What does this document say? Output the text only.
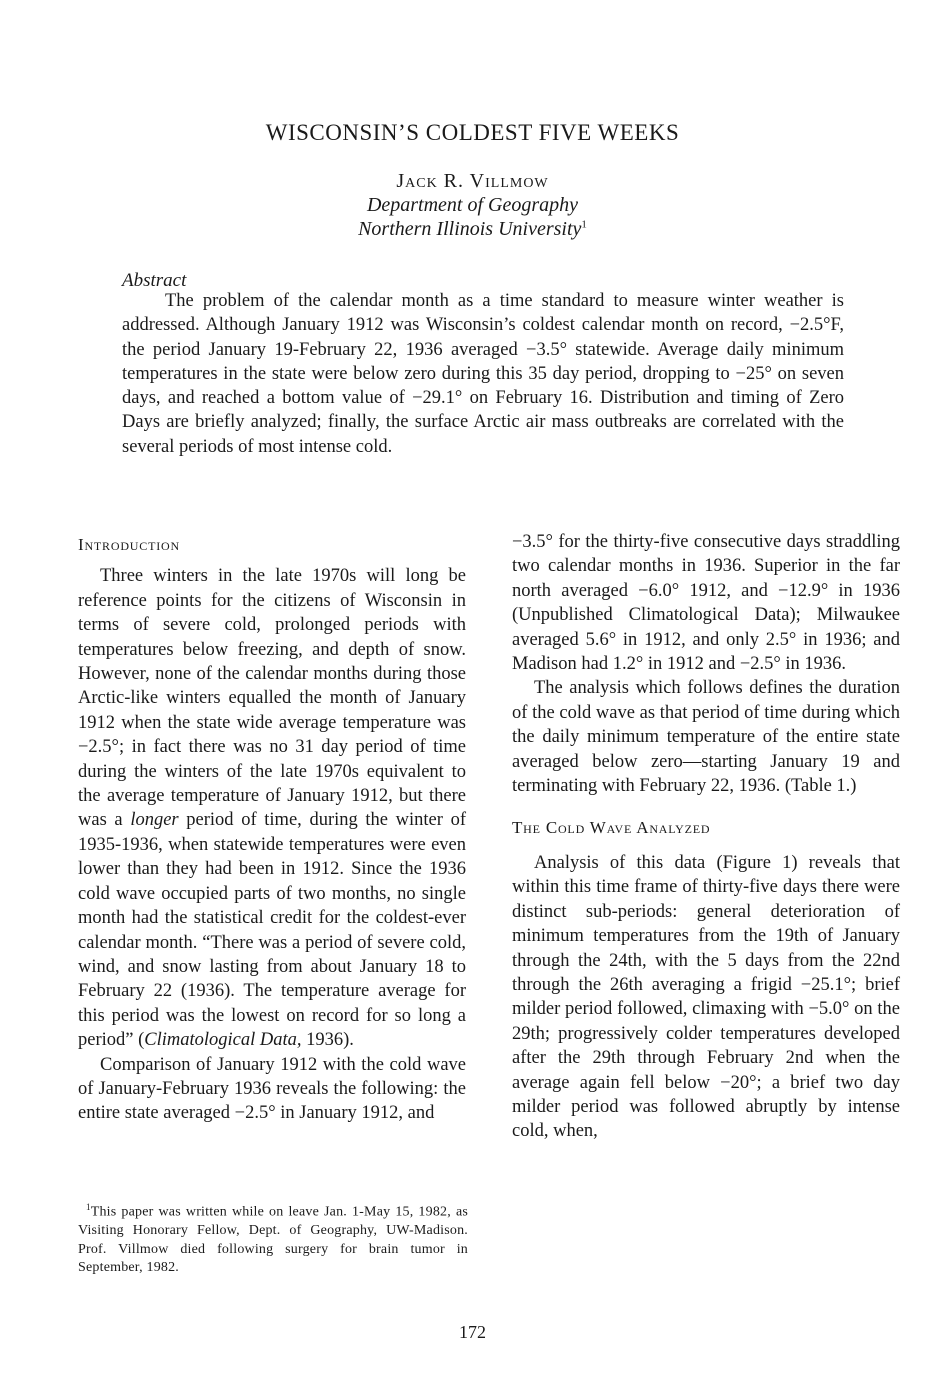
WISCONSIN’S COLDEST FIVE WEEKS
Jack R. Villmow
Department of Geography
Northern Illinois University$^1$
Abstract

The problem of the calendar month as a time standard to measure winter weather is addressed. Although January 1912 was Wisconsin’s coldest calendar month on record, −2.5°F, the period January 19-February 22, 1936 averaged −3.5° statewide. Average daily minimum temperatures in the state were below zero during this 35 day period, dropping to −25° on seven days, and reached a bottom value of −29.1° on February 16. Distribution and timing of Zero Days are briefly analyzed; finally, the surface Arctic air mass outbreaks are correlated with the several periods of most intense cold.

Introduction

Three winters in the late 1970s will long be reference points for the citizens of Wisconsin in terms of severe cold, prolonged periods with temperatures below freezing, and depth of snow. However, none of the calendar months during those Arctic-like winters equalled the month of January 1912 when the state wide average temperature was −2.5°; in fact there was no 31 day period of time during the winters of the late 1970s equivalent to the average temperature of January 1912, but there was a longer period of time, during the winter of 1935-1936, when statewide temperatures were even lower than they had been in 1912. Since the 1936 cold wave occupied parts of two months, no single month had the statistical credit for the coldest-ever calendar month. “There was a period of severe cold, wind, and snow lasting from about January 18 to February 22 (1936). The temperature average for this period was the lowest on record for so long a period” (Climatological Data, 1936).

Comparison of January 1912 with the cold wave of January-February 1936 reveals the following: the entire state averaged −2.5° in January 1912, and

−3.5° for the thirty-five consecutive days straddling two calendar months in 1936. Superior in the far north averaged −6.0° 1912, and −12.9° in 1936 (Unpublished Climatological Data); Milwaukee averaged 5.6° in 1912, and only 2.5° in 1936; and Madison had 1.2° in 1912 and −2.5° in 1936.

The analysis which follows defines the duration of the cold wave as that period of time during which the daily minimum temperature of the entire state averaged below zero—starting January 19 and terminating with February 22, 1936. (Table 1.)

The Cold Wave Analyzed

Analysis of this data (Figure 1) reveals that within this time frame of thirty-five days there were distinct sub-periods: general deterioration of minimum temperatures from the 19th of January through the 24th, with the 5 days from the 22nd through the 26th averaging a frigid −25.1°; brief milder period followed, climaxing with −5.0° on the 29th; progressively colder temperatures developed after the 29th through February 2nd when the average again fell below −20°; a brief two day milder period was followed abruptly by intense cold, when,

$^1$This paper was written while on leave Jan. 1-May 15, 1982, as Visiting Honorary Fellow, Dept. of Geography, UW-Madison. Prof. Villmow died following surgery for brain tumor in September, 1982.

172
